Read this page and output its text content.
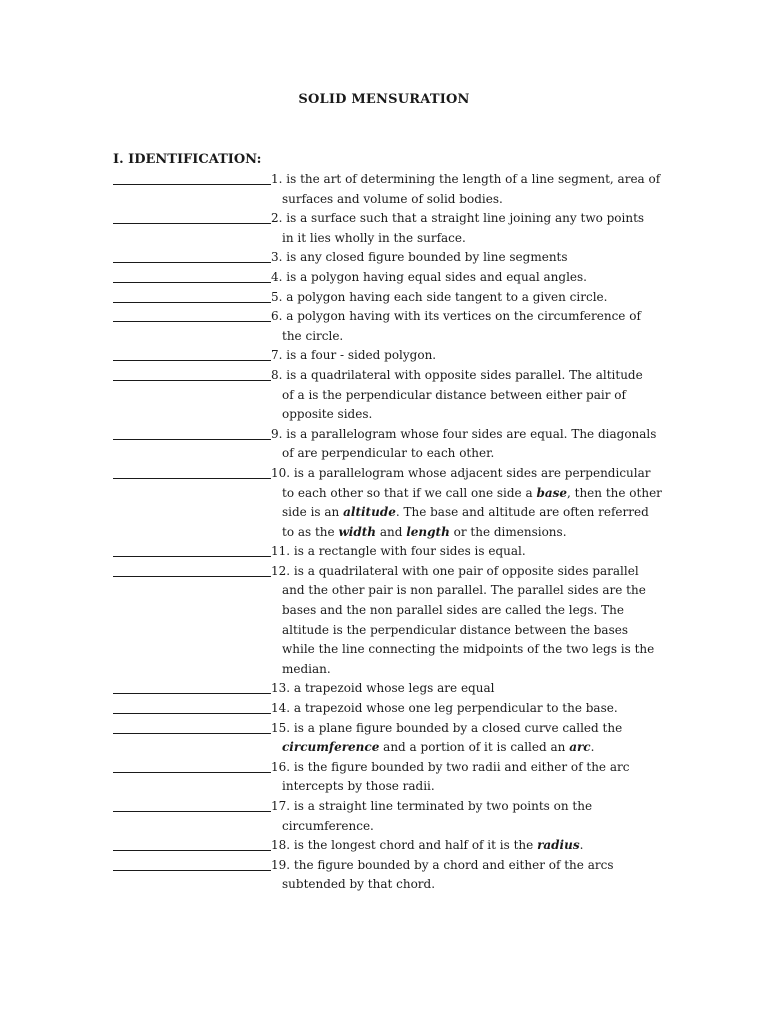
SOLID MENSURATION
I. IDENTIFICATION:
1. is the art of determining the length of a line segment, area of
surfaces and volume of solid bodies.
2. is a surface such that a straight line joining any two points
in it lies wholly in the surface.
3. is any closed figure bounded by line segments
4. is a polygon having equal sides and equal angles.
5. a polygon having each side tangent to a given circle.
6. a polygon having with its vertices on the circumference of
the circle.
7. is a four - sided polygon.
8. is a quadrilateral with opposite sides parallel. The altitude
of a is the perpendicular distance between either pair of
opposite sides.
9. is a parallelogram whose four sides are equal. The diagonals
of are perpendicular to each other.
10. is a parallelogram whose adjacent sides are perpendicular
to each other so that if we call one side a base, then the other
side is an altitude. The base and altitude are often referred
to as the width and length or the dimensions.
11. is a rectangle with four sides is equal.
12. is a quadrilateral with one pair of opposite sides parallel
and the other pair is non parallel. The parallel sides are the
bases and the non parallel sides are called the legs. The
altitude is the perpendicular distance between the bases
while the line connecting the midpoints of the two legs is the
median.
13. a trapezoid whose legs are equal
14. a trapezoid whose one leg perpendicular to the base.
15. is a plane figure bounded by a closed curve called the
circumference and a portion of it is called an arc.
16. is the figure bounded by two radii and either of the arc
intercepts by those radii.
17. is a straight line terminated by two points on the
circumference.
18. is the longest chord and half of it is the radius.
19. the figure bounded by a chord and either of the arcs
subtended by that chord.
